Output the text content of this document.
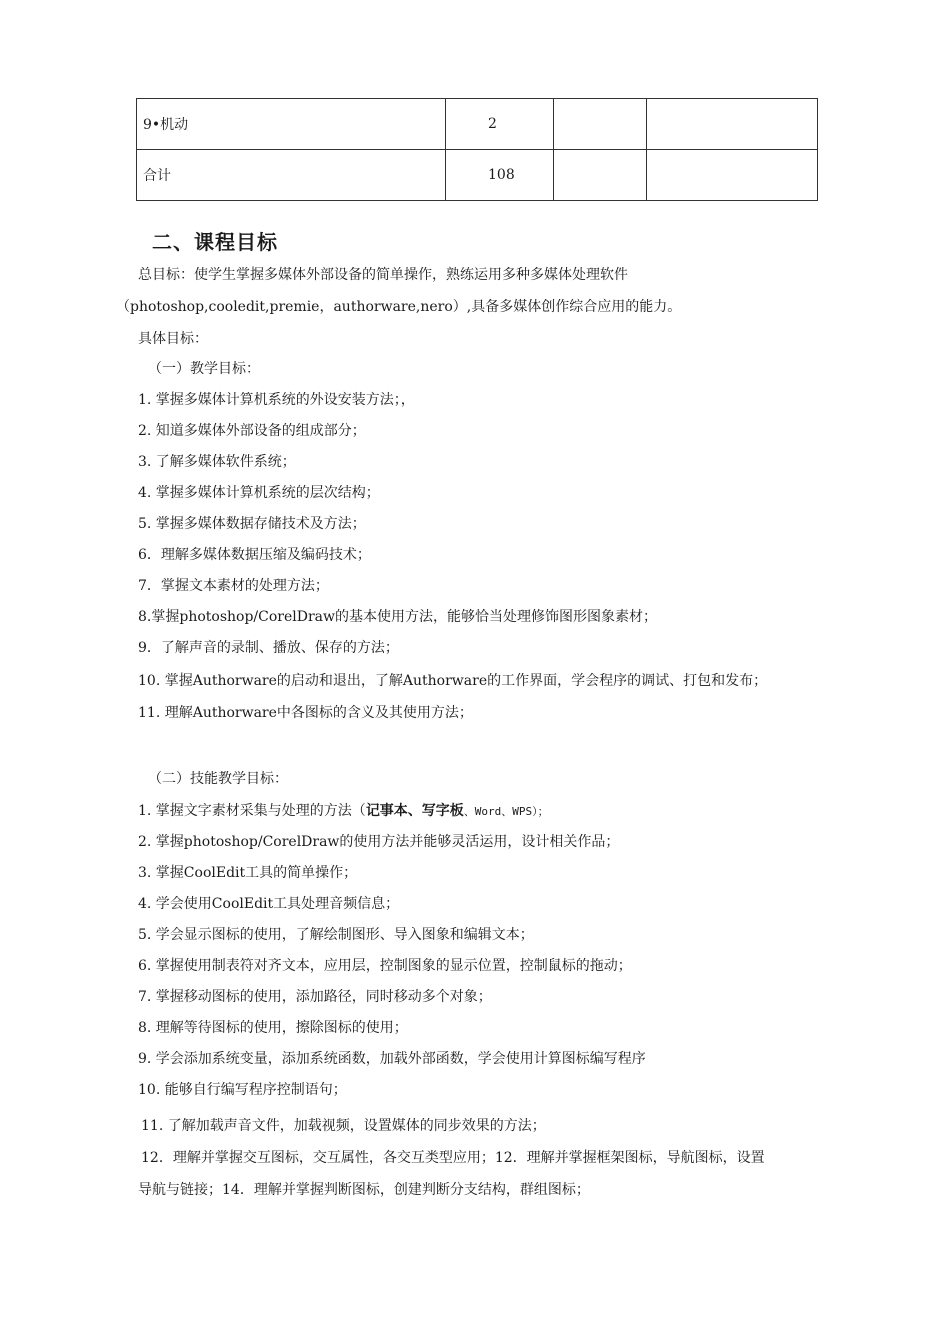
9•机动	2		
合计	108		
二、课程目标
总目标：使学生掌握多媒体外部设备的简单操作，熟练运用多种多媒体处理软件
（photoshop,cooledit,premie，authorware,nero）,具备多媒体创作综合应用的能力。
具体目标：
（一）教学目标：
1. 掌握多媒体计算机系统的外设安装方法；，
2. 知道多媒体外部设备的组成部分；
3. 了解多媒体软件系统；
4. 掌握多媒体计算机系统的层次结构；
5. 掌握多媒体数据存储技术及方法；
6．理解多媒体数据压缩及编码技术；
7．掌握文本素材的处理方法；
8.掌握photoshop/CorelDraw的基本使用方法，能够恰当处理修饰图形图象素材；
9．了解声音的录制、播放、保存的方法；
10. 掌握Authorware的启动和退出，了解Authorware的工作界面，学会程序的调试、打包和发布；
11. 理解Authorware中各图标的含义及其使用方法；
（二）技能教学目标：
1. 掌握文字素材采集与处理的方法（记事本、写字板、Word、WPS）；
2. 掌握photoshop/CorelDraw的使用方法并能够灵活运用，设计相关作品；
3. 掌握CoolEdit工具的简单操作；
4. 学会使用CoolEdit工具处理音频信息；
5. 学会显示图标的使用，了解绘制图形、导入图象和编辑文本；
6. 掌握使用制表符对齐文本，应用层，控制图象的显示位置，控制鼠标的拖动；
7. 掌握移动图标的使用，添加路径，同时移动多个对象；
8. 理解等待图标的使用，擦除图标的使用；
9. 学会添加系统变量，添加系统函数，加载外部函数，学会使用计算图标编写程序
10. 能够自行编写程序控制语句；
11. 了解加载声音文件，加载视频，设置媒体的同步效果的方法；
12．理解并掌握交互图标，交互属性，各交互类型应用；12．理解并掌握框架图标，导航图标，设置
导航与链接；14．理解并掌握判断图标，创建判断分支结构，群组图标；
